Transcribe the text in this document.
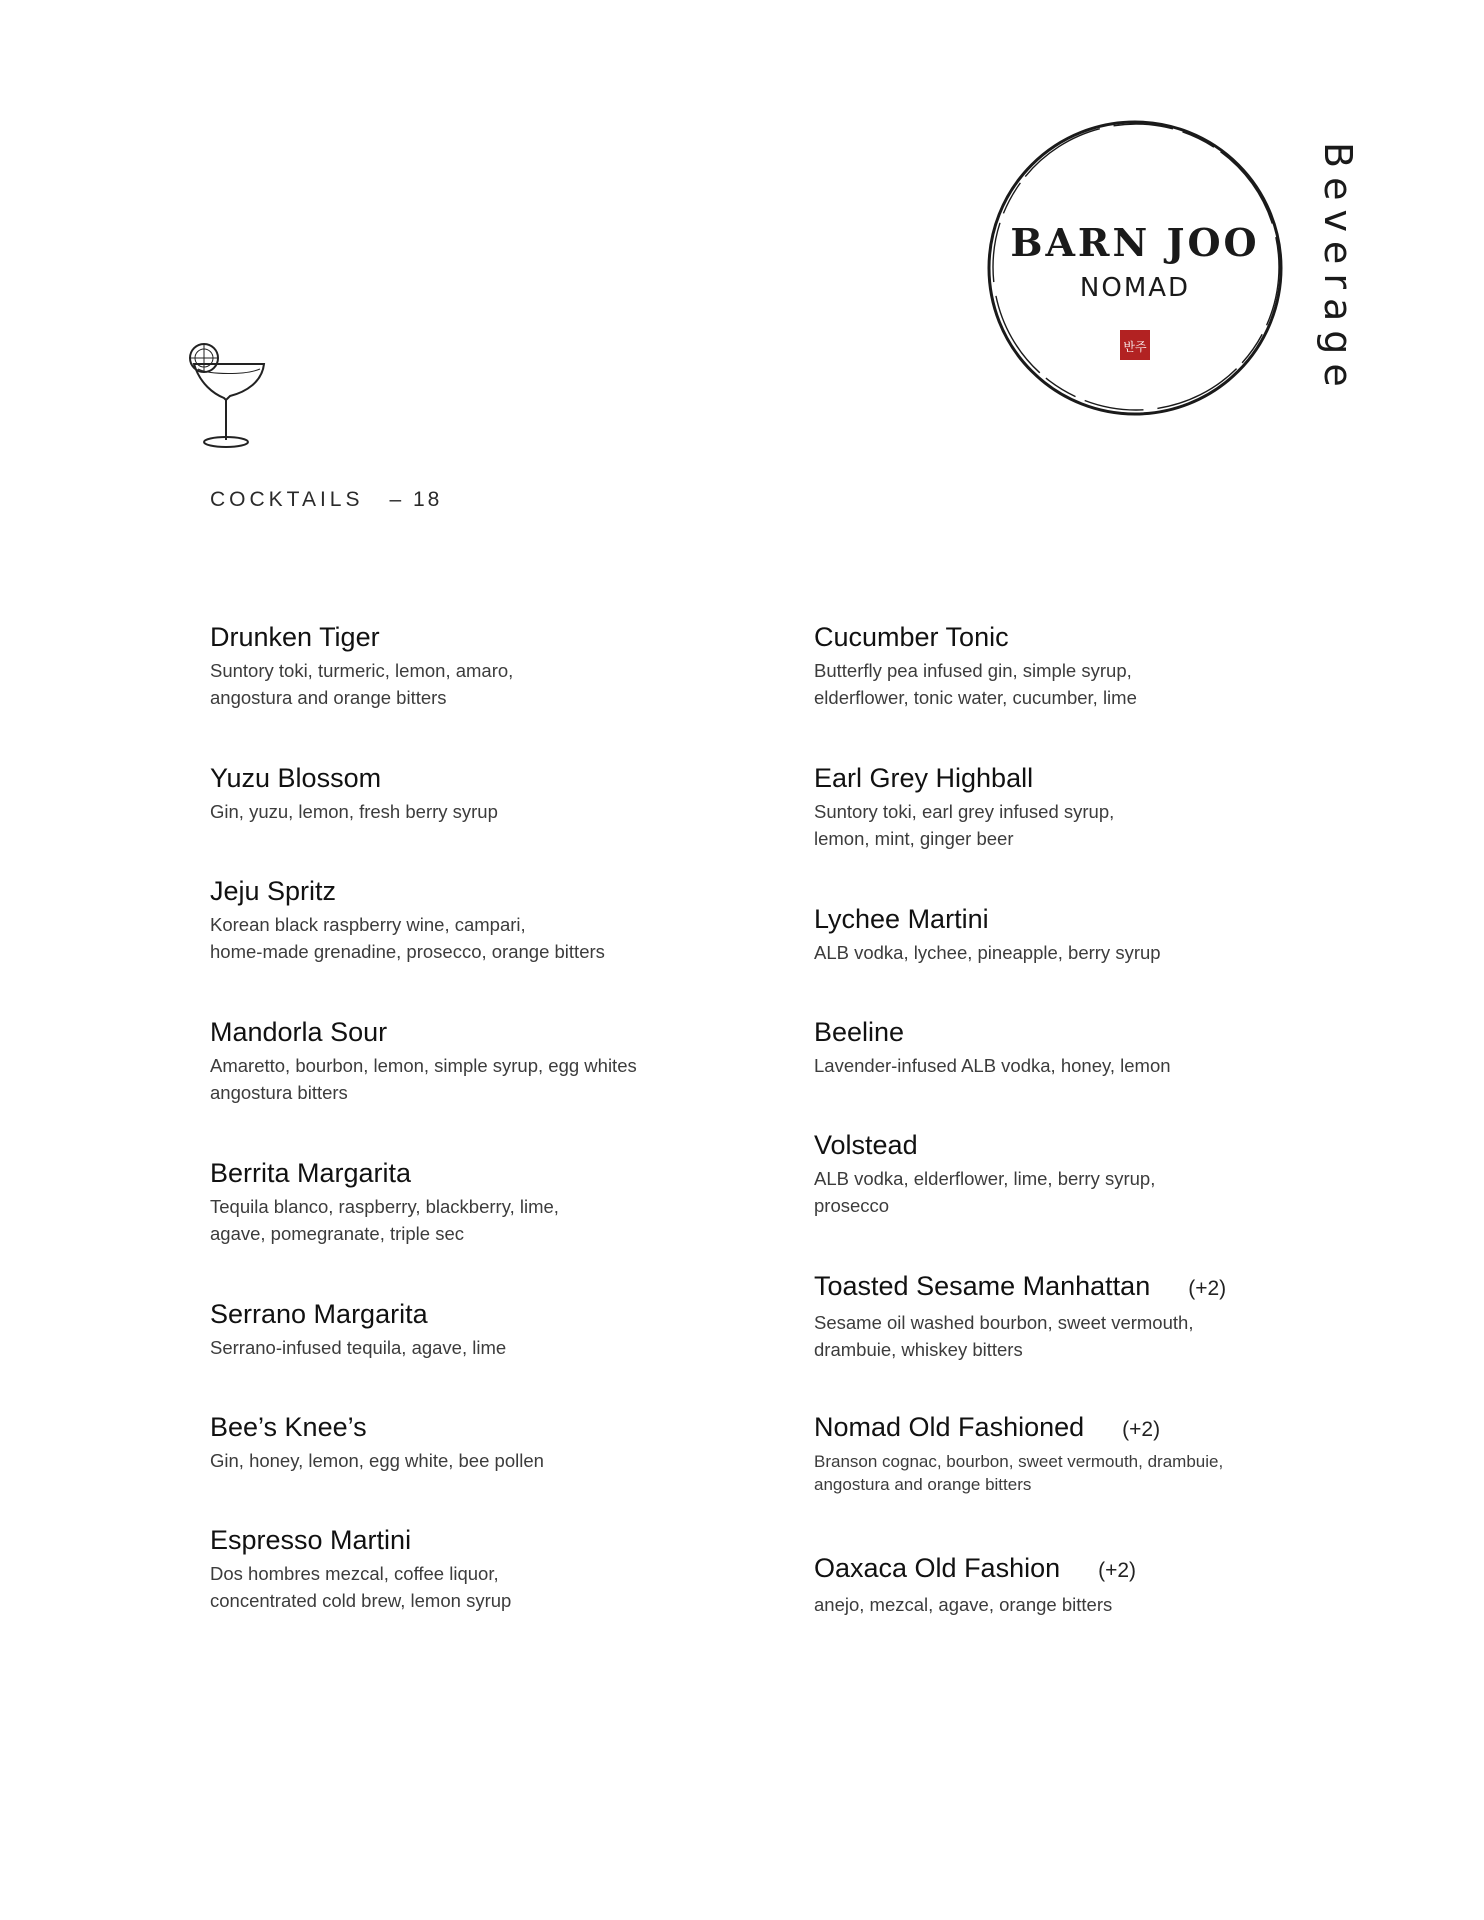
BARN JOO
NOMAD
반주	Beverage
COCKTAILS – 18
Drunken Tiger
Suntory toki, turmeric, lemon, amaro,
angostura and orange bitters
Yuzu Blossom
Gin, yuzu, lemon, fresh berry syrup
Jeju Spritz
Korean black raspberry wine, campari,
home-made grenadine, prosecco, orange bitters
Mandorla Sour
Amaretto, bourbon, lemon, simple syrup, egg whites
angostura bitters
Berrita Margarita
Tequila blanco, raspberry, blackberry, lime,
agave, pomegranate, triple sec
Serrano Margarita
Serrano-infused tequila, agave, lime
Bee’s Knee’s
Gin, honey, lemon, egg white, bee pollen
Espresso Martini
Dos hombres mezcal, coffee liquor,
concentrated cold brew, lemon syrup
Cucumber Tonic
Butterfly pea infused gin, simple syrup,
elderflower, tonic water, cucumber, lime
Earl Grey Highball
Suntory toki, earl grey infused syrup,
lemon, mint, ginger beer
Lychee Martini
ALB vodka, lychee, pineapple, berry syrup
Beeline
Lavender-infused ALB vodka, honey, lemon
Volstead
ALB vodka, elderflower, lime, berry syrup,
prosecco
Toasted Sesame Manhattan (+2)
Sesame oil washed bourbon, sweet vermouth,
drambuie, whiskey bitters
Nomad Old Fashioned (+2)
Branson cognac, bourbon, sweet vermouth, drambuie,
angostura and orange bitters
Oaxaca Old Fashion (+2)
anejo, mezcal, agave, orange bitters
